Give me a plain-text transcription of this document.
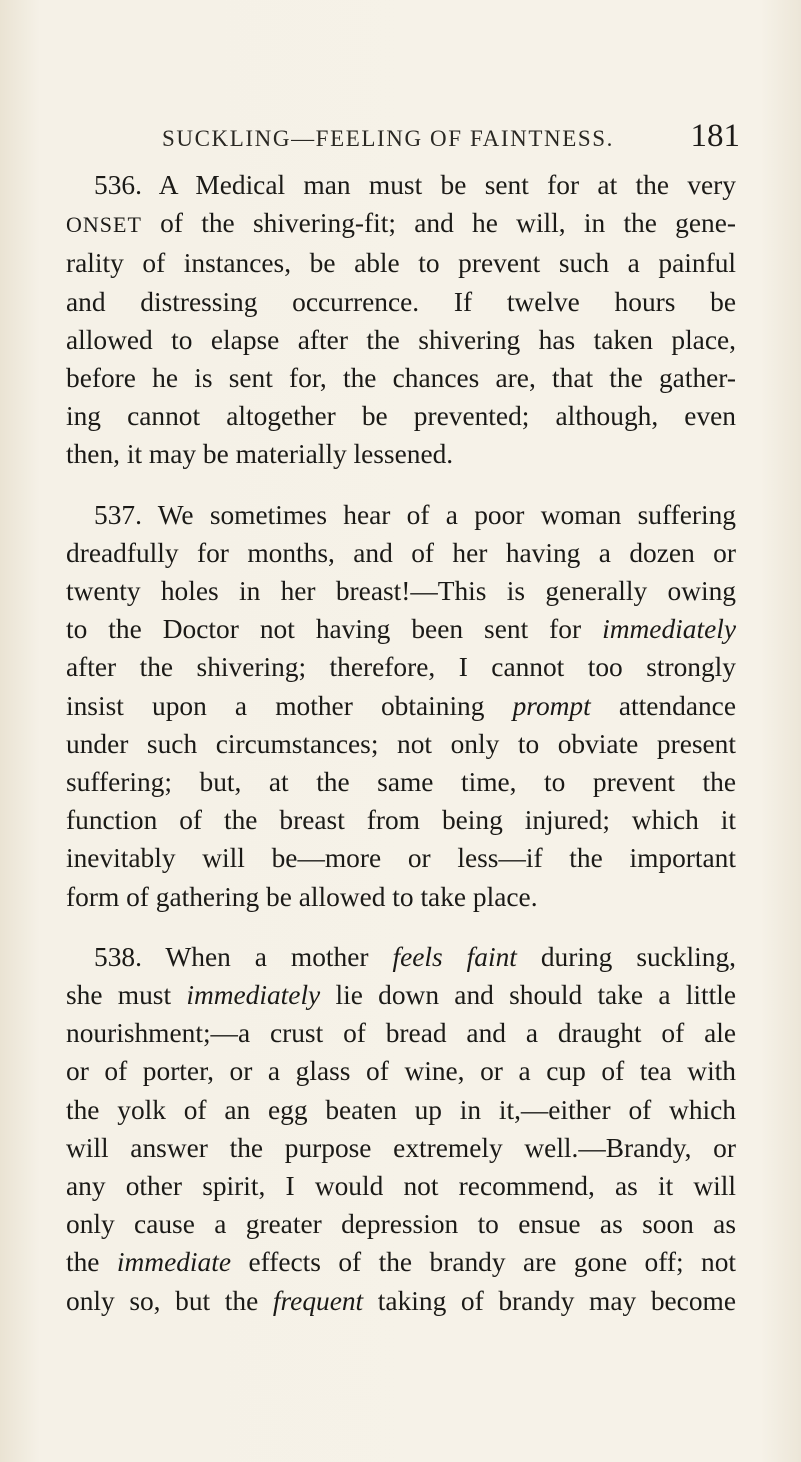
SUCKLING—FEELING OF FAINTNESS. 181

536. A Medical man must be sent for at the very
ONSET of the shivering-fit; and he will, in the gene-
rality of instances, be able to prevent such a painful
and distressing occurrence. If twelve hours be
allowed to elapse after the shivering has taken place,
before he is sent for, the chances are, that the gather-
ing cannot altogether be prevented; although, even
then, it may be materially lessened.

537. We sometimes hear of a poor woman suffering
dreadfully for months, and of her having a dozen or
twenty holes in her breast!—This is generally owing
to the Doctor not having been sent for immediately
after the shivering; therefore, I cannot too strongly
insist upon a mother obtaining prompt attendance
under such circumstances; not only to obviate present
suffering; but, at the same time, to prevent the
function of the breast from being injured; which it
inevitably will be—more or less—if the important
form of gathering be allowed to take place.

538. When a mother feels faint during suckling,
she must immediately lie down and should take a little
nourishment;—a crust of bread and a draught of ale
or of porter, or a glass of wine, or a cup of tea with
the yolk of an egg beaten up in it,—either of which
will answer the purpose extremely well.—Brandy, or
any other spirit, I would not recommend, as it will
only cause a greater depression to ensue as soon as
the immediate effects of the brandy are gone off; not
only so, but the frequent taking of brandy may become
